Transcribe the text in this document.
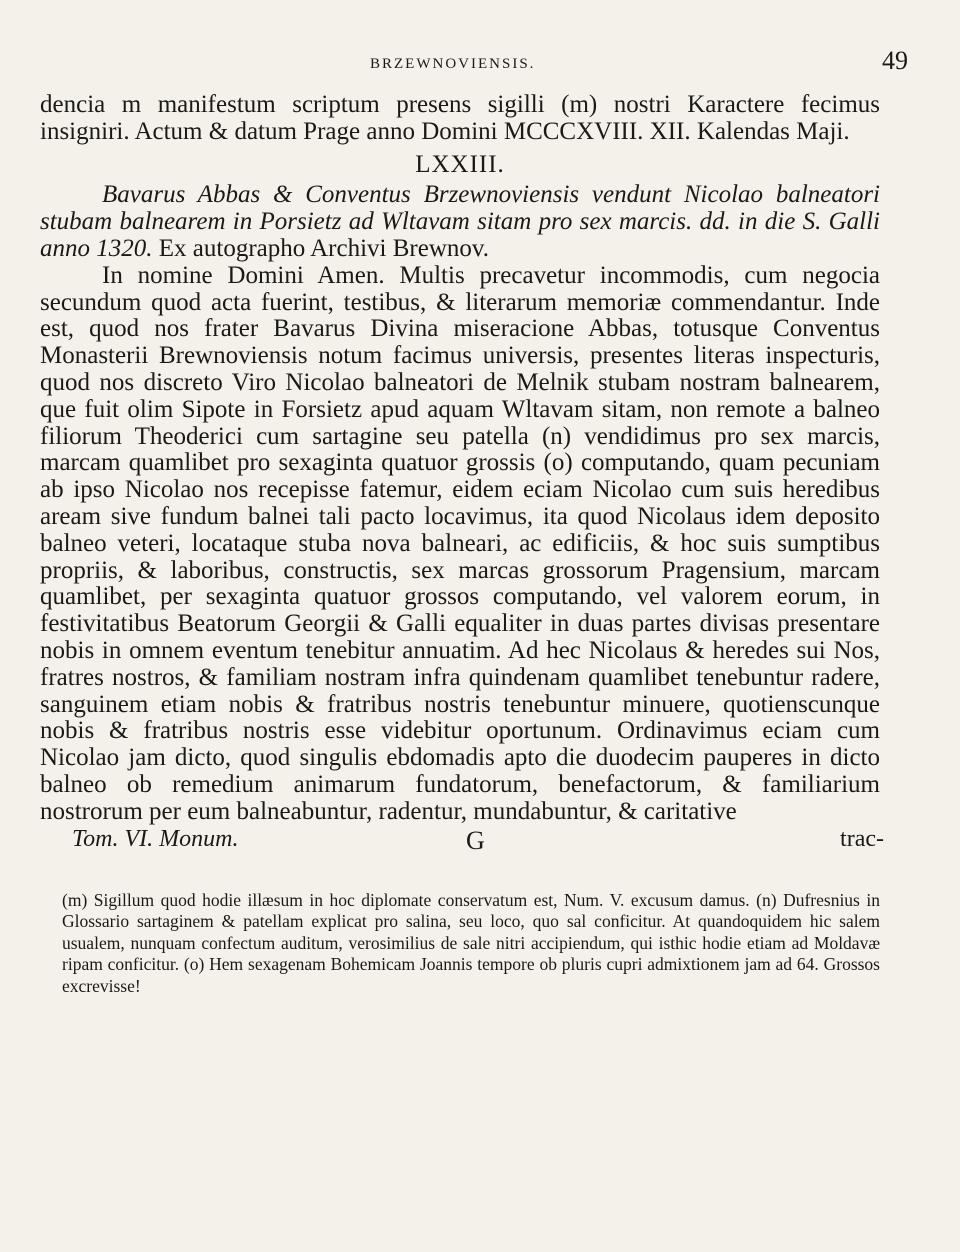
BRZEWNOVIENSIS.	49

dencia m manifestum scriptum presens sigilli (m) nostri Karactere fecimus insigniri. Actum & datum Prage anno Domini MCCCXVIII. XII. Kalendas Maji.

LXXIII.

Bavarus Abbas & Conventus Brzewnoviensis vendunt Nicolao balneatori stubam balnearem in Porsietz ad Wltavam sitam pro sex marcis. dd. in die S. Galli anno 1320. Ex autographo Archivi Brewnov.

In nomine Domini Amen. Multis precavetur incommodis, cum negocia secundum quod acta fuerint, testibus, & literarum memoriæ commendantur. Inde est, quod nos frater Bavarus Divina miseracione Abbas, totusque Conventus Monasterii Brewnoviensis notum facimus universis, presentes literas inspecturis, quod nos discreto Viro Nicolao balneatori de Melnik stubam nostram balnearem, que fuit olim Sipote in Forsietz apud aquam Wltavam sitam, non remote a balneo filiorum Theoderici cum sartagine seu patella (n) vendidimus pro sex marcis, marcam quamlibet pro sexaginta quatuor grossis (o) computando, quam pecuniam ab ipso Nicolao nos recepisse fatemur, eidem eciam Nicolao cum suis heredibus aream sive fundum balnei tali pacto locavimus, ita quod Nicolaus idem deposito balneo veteri, locataque stuba nova balneari, ac edificiis, & hoc suis sumptibus propriis, & laboribus, constructis, sex marcas grossorum Pragensium, marcam quamlibet, per sexaginta quatuor grossos computando, vel valorem eorum, in festivitatibus Beatorum Georgii & Galli equaliter in duas partes divisas presentare nobis in omnem eventum tenebitur annuatim. Ad hec Nicolaus & heredes sui Nos, fratres nostros, & familiam nostram infra quindenam quamlibet tenebuntur radere, sanguinem etiam nobis & fratribus nostris tenebuntur minuere, quotienscunque nobis & fratribus nostris esse videbitur oportunum. Ordinavimus eciam cum Nicolao jam dicto, quod singulis ebdomadis apto die duodecim pauperes in dicto balneo ob remedium animarum fundatorum, benefactorum, & familiarium nostrorum per eum balneabuntur, radentur, mundabuntur, & caritative

Tom. VI. Monum.	G	trac-

(m) Sigillum quod hodie illæsum in hoc diplomate conservatum est, Num. V. excusum damus. (n) Dufresnius in Glossario sartaginem & patellam explicat pro salina, seu loco, quo sal conficitur. At quandoquidem hic salem usualem, nunquam confectum auditum, verosimilius de sale nitri accipiendum, qui isthic hodie etiam ad Moldavæ ripam conficitur. (o) Hem sexagenam Bohemicam Joannis tempore ob pluris cupri admixtionem jam ad 64. Grossos excrevisse!
